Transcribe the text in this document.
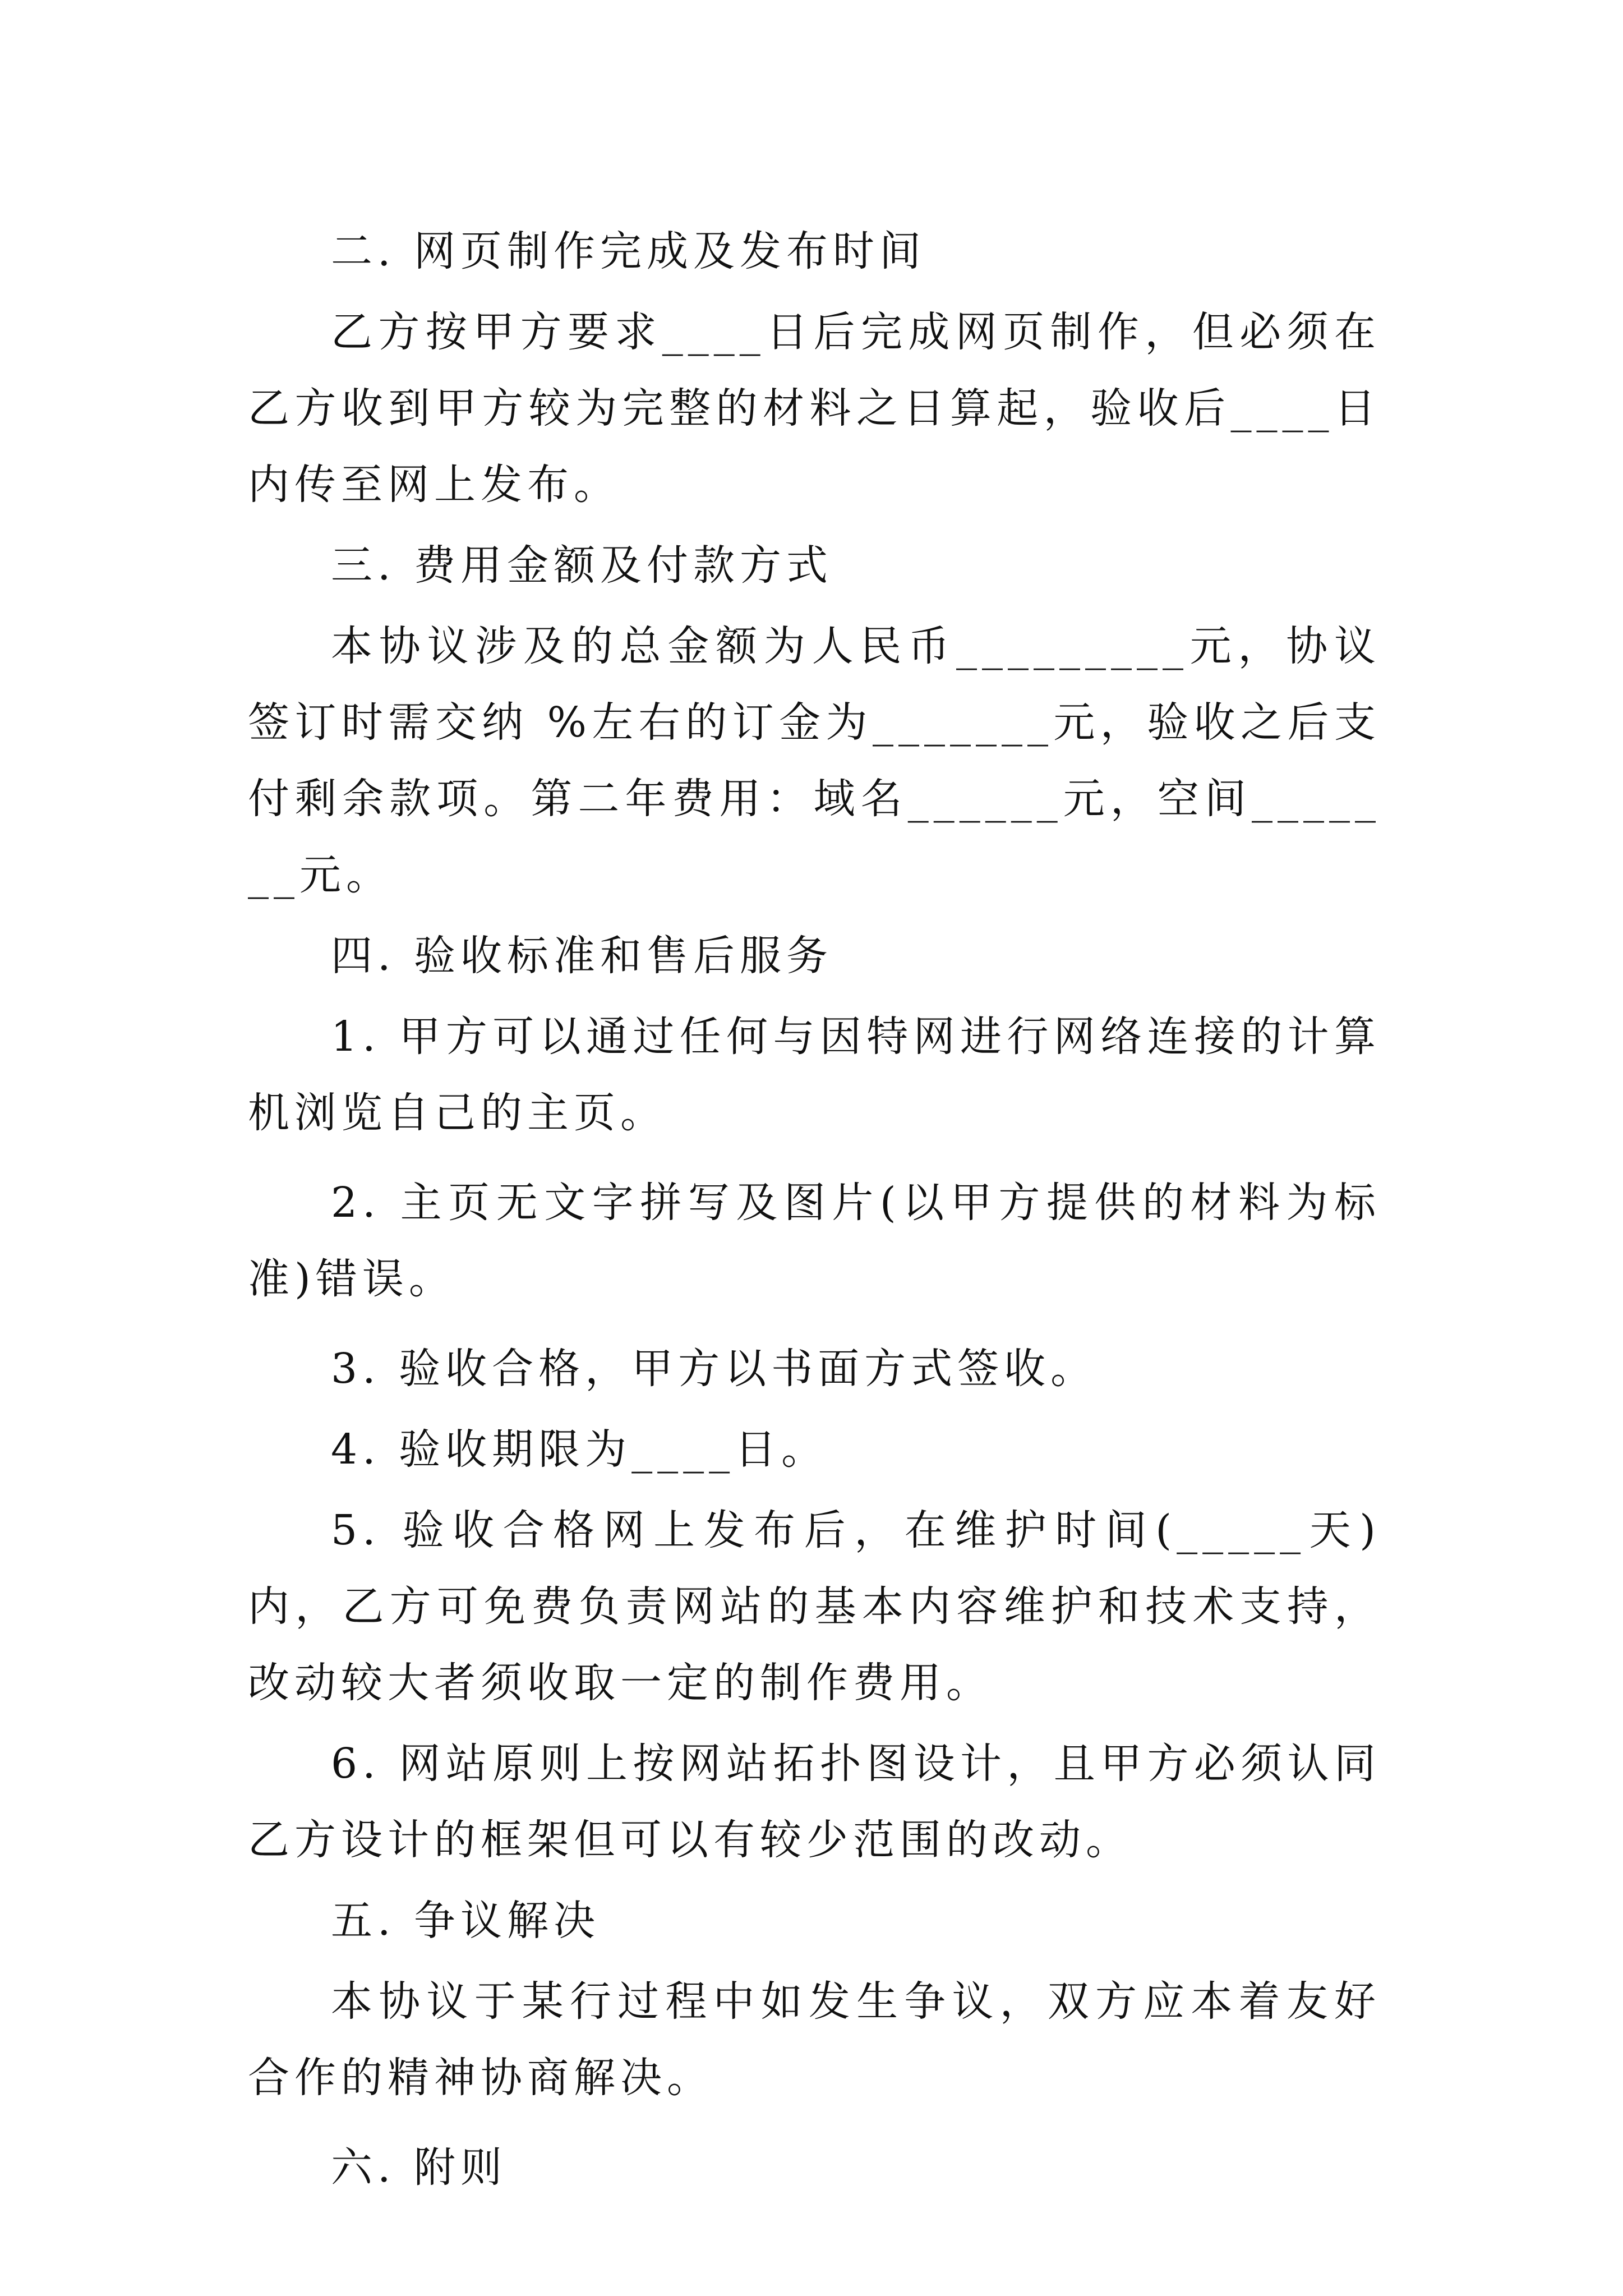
二. 网页制作完成及发布时间

乙方按甲方要求____日后完成网页制作，但必须在乙方收到甲方较为完整的材料之日算起，验收后____日内传至网上发布。

三. 费用金额及付款方式

本协议涉及的总金额为人民币_________元，协议签订时需交纳 %左右的订金为_______元，验收之后支付剩余款项。第二年费用：域名______元，空间_______元。

四. 验收标准和售后服务

1. 甲方可以通过任何与因特网进行网络连接的计算机浏览自己的主页。

2. 主页无文字拼写及图片(以甲方提供的材料为标准)错误。

3. 验收合格，甲方以书面方式签收。

4. 验收期限为____日。

5. 验收合格网上发布后，在维护时间(_____天)内，乙方可免费负责网站的基本内容维护和技术支持，改动较大者须收取一定的制作费用。

6. 网站原则上按网站拓扑图设计，且甲方必须认同乙方设计的框架但可以有较少范围的改动。

五. 争议解决

本协议于某行过程中如发生争议，双方应本着友好合作的精神协商解决。

六. 附则
